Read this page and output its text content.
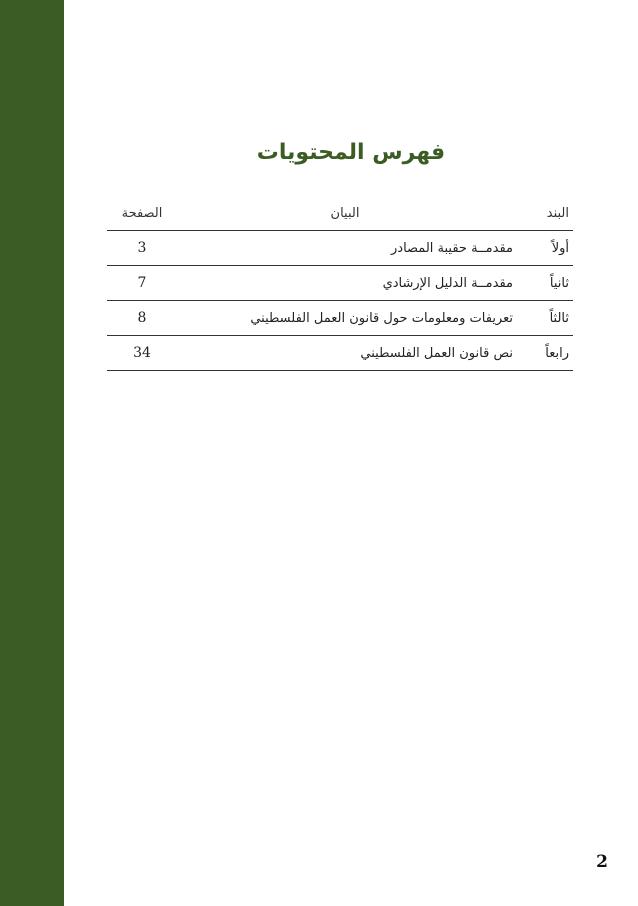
فهرس المحتويات
البند
البيان
الصفحة
أولاً
مقدمــة حقيبة المصادر
3
ثانياً
مقدمــة الدليل الإرشادي
7
ثالثاً
تعريفات ومعلومات حول قانون العمل الفلسطيني
8
رابعاً
نص قانون العمل الفلسطيني
34
2
